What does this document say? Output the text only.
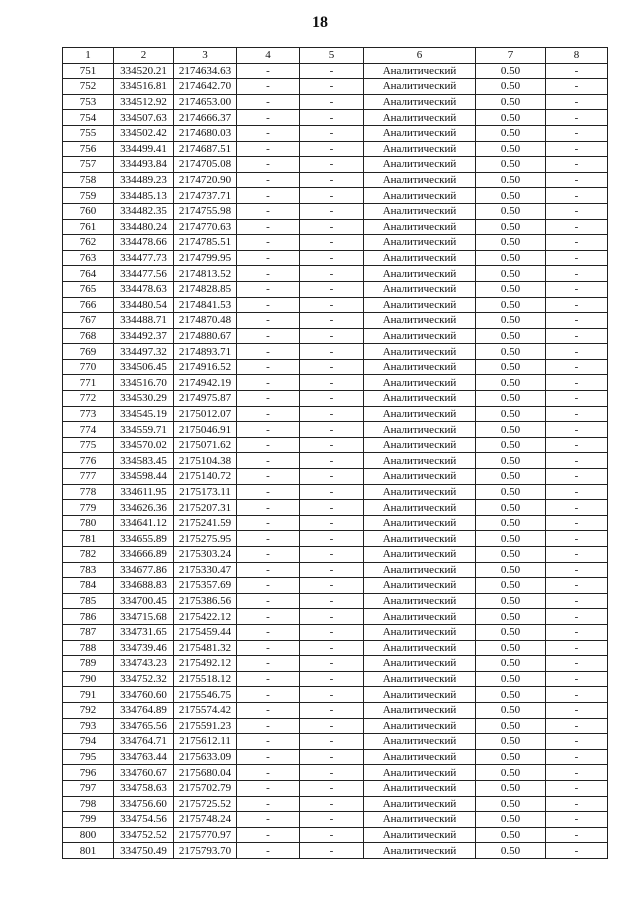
18
1	2	3	4	5	6	7	8
751	334520.21	2174634.63	-	-	Аналитический	0.50	-
752	334516.81	2174642.70	-	-	Аналитический	0.50	-
753	334512.92	2174653.00	-	-	Аналитический	0.50	-
754	334507.63	2174666.37	-	-	Аналитический	0.50	-
755	334502.42	2174680.03	-	-	Аналитический	0.50	-
756	334499.41	2174687.51	-	-	Аналитический	0.50	-
757	334493.84	2174705.08	-	-	Аналитический	0.50	-
758	334489.23	2174720.90	-	-	Аналитический	0.50	-
759	334485.13	2174737.71	-	-	Аналитический	0.50	-
760	334482.35	2174755.98	-	-	Аналитический	0.50	-
761	334480.24	2174770.63	-	-	Аналитический	0.50	-
762	334478.66	2174785.51	-	-	Аналитический	0.50	-
763	334477.73	2174799.95	-	-	Аналитический	0.50	-
764	334477.56	2174813.52	-	-	Аналитический	0.50	-
765	334478.63	2174828.85	-	-	Аналитический	0.50	-
766	334480.54	2174841.53	-	-	Аналитический	0.50	-
767	334488.71	2174870.48	-	-	Аналитический	0.50	-
768	334492.37	2174880.67	-	-	Аналитический	0.50	-
769	334497.32	2174893.71	-	-	Аналитический	0.50	-
770	334506.45	2174916.52	-	-	Аналитический	0.50	-
771	334516.70	2174942.19	-	-	Аналитический	0.50	-
772	334530.29	2174975.87	-	-	Аналитический	0.50	-
773	334545.19	2175012.07	-	-	Аналитический	0.50	-
774	334559.71	2175046.91	-	-	Аналитический	0.50	-
775	334570.02	2175071.62	-	-	Аналитический	0.50	-
776	334583.45	2175104.38	-	-	Аналитический	0.50	-
777	334598.44	2175140.72	-	-	Аналитический	0.50	-
778	334611.95	2175173.11	-	-	Аналитический	0.50	-
779	334626.36	2175207.31	-	-	Аналитический	0.50	-
780	334641.12	2175241.59	-	-	Аналитический	0.50	-
781	334655.89	2175275.95	-	-	Аналитический	0.50	-
782	334666.89	2175303.24	-	-	Аналитический	0.50	-
783	334677.86	2175330.47	-	-	Аналитический	0.50	-
784	334688.83	2175357.69	-	-	Аналитический	0.50	-
785	334700.45	2175386.56	-	-	Аналитический	0.50	-
786	334715.68	2175422.12	-	-	Аналитический	0.50	-
787	334731.65	2175459.44	-	-	Аналитический	0.50	-
788	334739.46	2175481.32	-	-	Аналитический	0.50	-
789	334743.23	2175492.12	-	-	Аналитический	0.50	-
790	334752.32	2175518.12	-	-	Аналитический	0.50	-
791	334760.60	2175546.75	-	-	Аналитический	0.50	-
792	334764.89	2175574.42	-	-	Аналитический	0.50	-
793	334765.56	2175591.23	-	-	Аналитический	0.50	-
794	334764.71	2175612.11	-	-	Аналитический	0.50	-
795	334763.44	2175633.09	-	-	Аналитический	0.50	-
796	334760.67	2175680.04	-	-	Аналитический	0.50	-
797	334758.63	2175702.79	-	-	Аналитический	0.50	-
798	334756.60	2175725.52	-	-	Аналитический	0.50	-
799	334754.56	2175748.24	-	-	Аналитический	0.50	-
800	334752.52	2175770.97	-	-	Аналитический	0.50	-
801	334750.49	2175793.70	-	-	Аналитический	0.50	-
